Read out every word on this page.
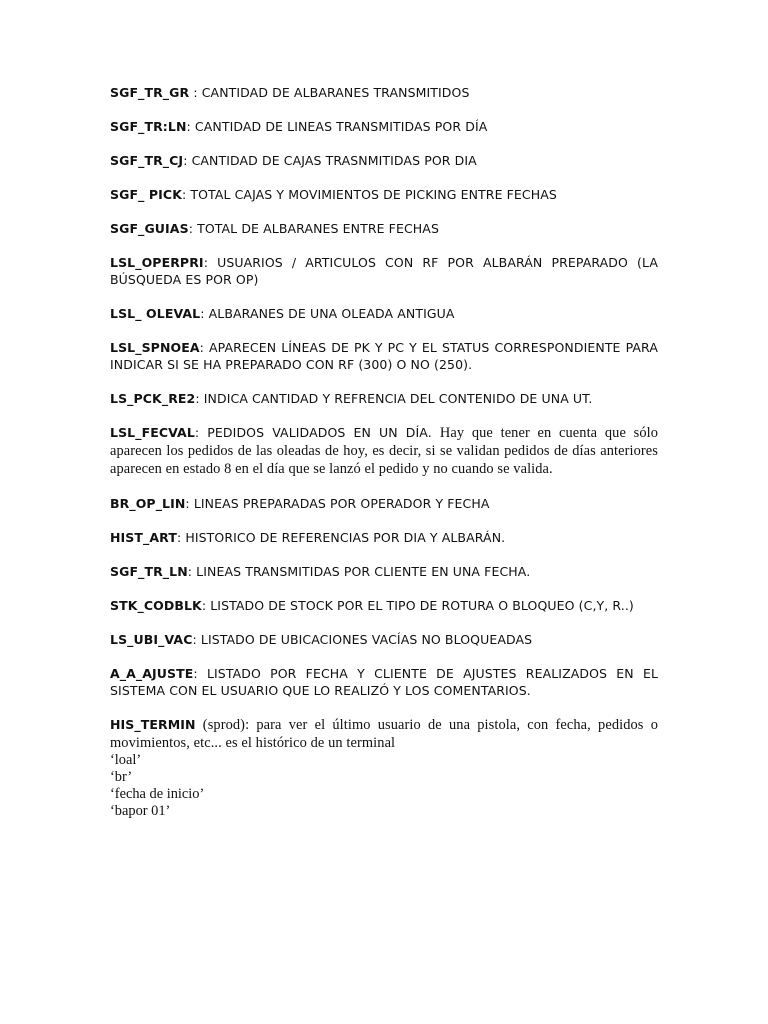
SGF_TR_GR : CANTIDAD DE ALBARANES TRANSMITIDOS

SGF_TR:LN: CANTIDAD DE LINEAS TRANSMITIDAS POR DÍA

SGF_TR_CJ: CANTIDAD DE CAJAS TRASNMITIDAS POR DIA

SGF_ PICK: TOTAL CAJAS Y MOVIMIENTOS DE PICKING ENTRE FECHAS

SGF_GUIAS: TOTAL DE ALBARANES ENTRE FECHAS

LSL_OPERPRI: USUARIOS / ARTICULOS CON RF POR ALBARÁN PREPARADO (LA BÚSQUEDA ES POR OP)

LSL_ OLEVAL: ALBARANES DE UNA OLEADA ANTIGUA

LSL_SPNOEA: APARECEN LÍNEAS DE PK Y PC Y EL STATUS CORRESPONDIENTE PARA INDICAR SI SE HA PREPARADO CON RF (300) O NO (250).

LS_PCK_RE2: INDICA CANTIDAD Y REFRENCIA DEL CONTENIDO DE UNA UT.

LSL_FECVAL: PEDIDOS VALIDADOS EN UN DÍA. Hay que tener en cuenta que sólo aparecen los pedidos de las oleadas de hoy, es decir, si se validan pedidos de días anteriores aparecen en estado 8 en el día que se lanzó el pedido y no cuando se valida.

BR_OP_LIN: LINEAS PREPARADAS POR OPERADOR Y FECHA

HIST_ART: HISTORICO DE REFERENCIAS POR DIA Y ALBARÁN.

SGF_TR_LN: LINEAS TRANSMITIDAS POR CLIENTE EN UNA FECHA.

STK_CODBLK: LISTADO DE STOCK POR EL TIPO DE ROTURA O BLOQUEO (C,Y, R..)

LS_UBI_VAC: LISTADO DE UBICACIONES VACÍAS NO BLOQUEADAS

A_A_AJUSTE: LISTADO POR FECHA Y CLIENTE DE AJUSTES REALIZADOS EN EL SISTEMA CON EL USUARIO QUE LO REALIZÓ Y LOS COMENTARIOS.

HIS_TERMIN (sprod): para ver el último usuario de una pistola, con fecha, pedidos o movimientos, etc... es el histórico de un terminal

‘loal’
‘br’
‘fecha de inicio’
‘bapor 01’
